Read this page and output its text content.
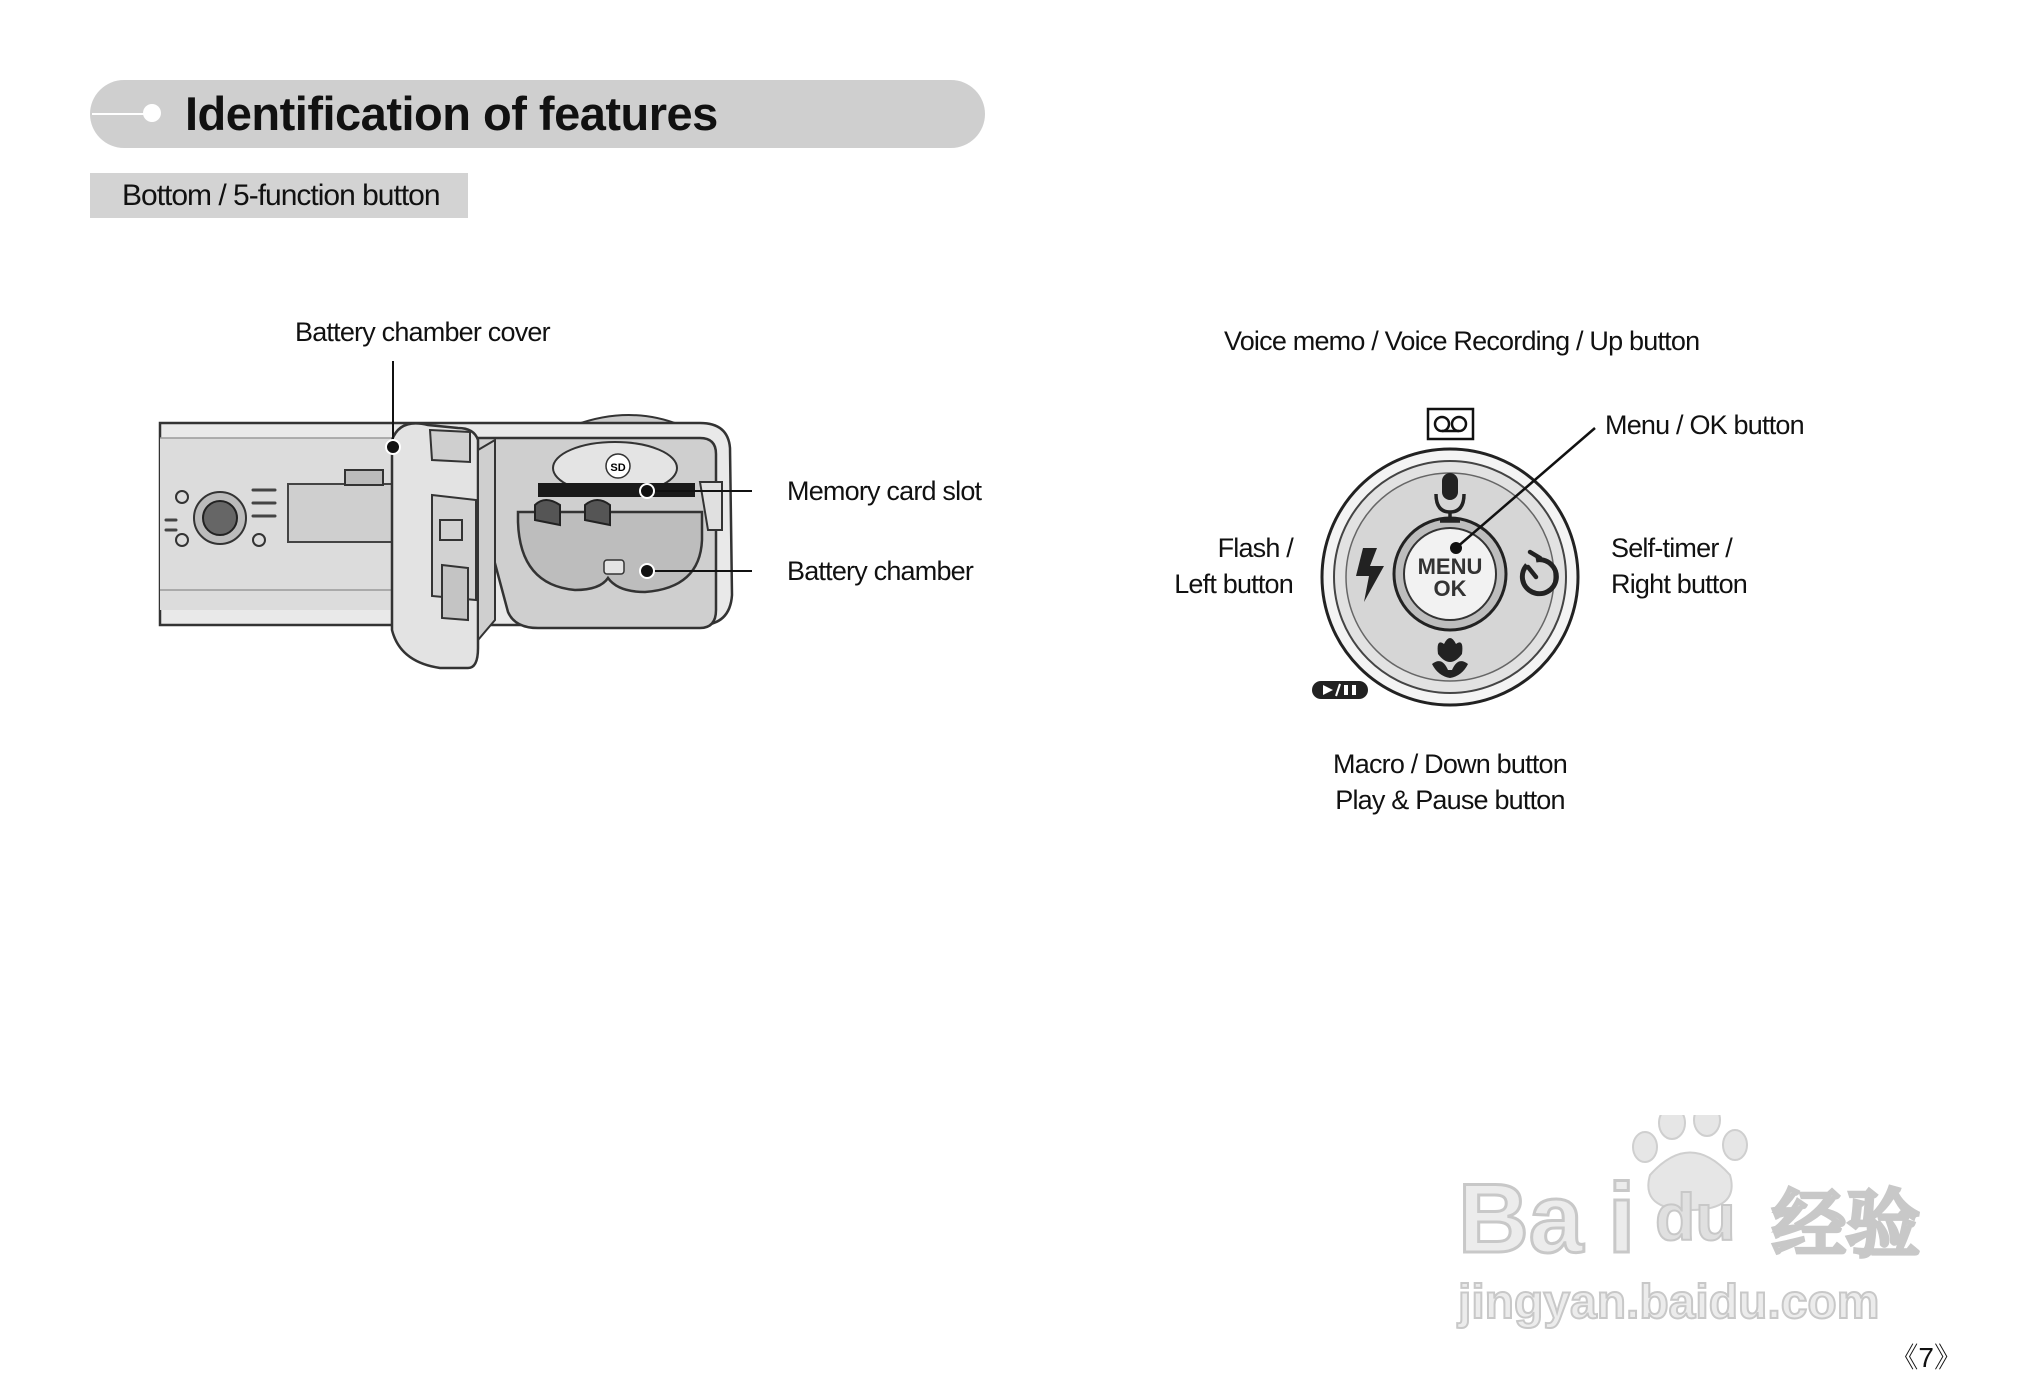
Identification of features
Bottom / 5-function button
SD
Battery chamber cover
Memory card slot
Battery chamber	MENU
OK
Voice memo / Voice Recording / Up button
Menu / OK button
Flash /
Left button
Self-timer /
Right button
Macro / Down button
Play & Pause button
Ba i du 经验
jingyan.baidu.com
《7》
